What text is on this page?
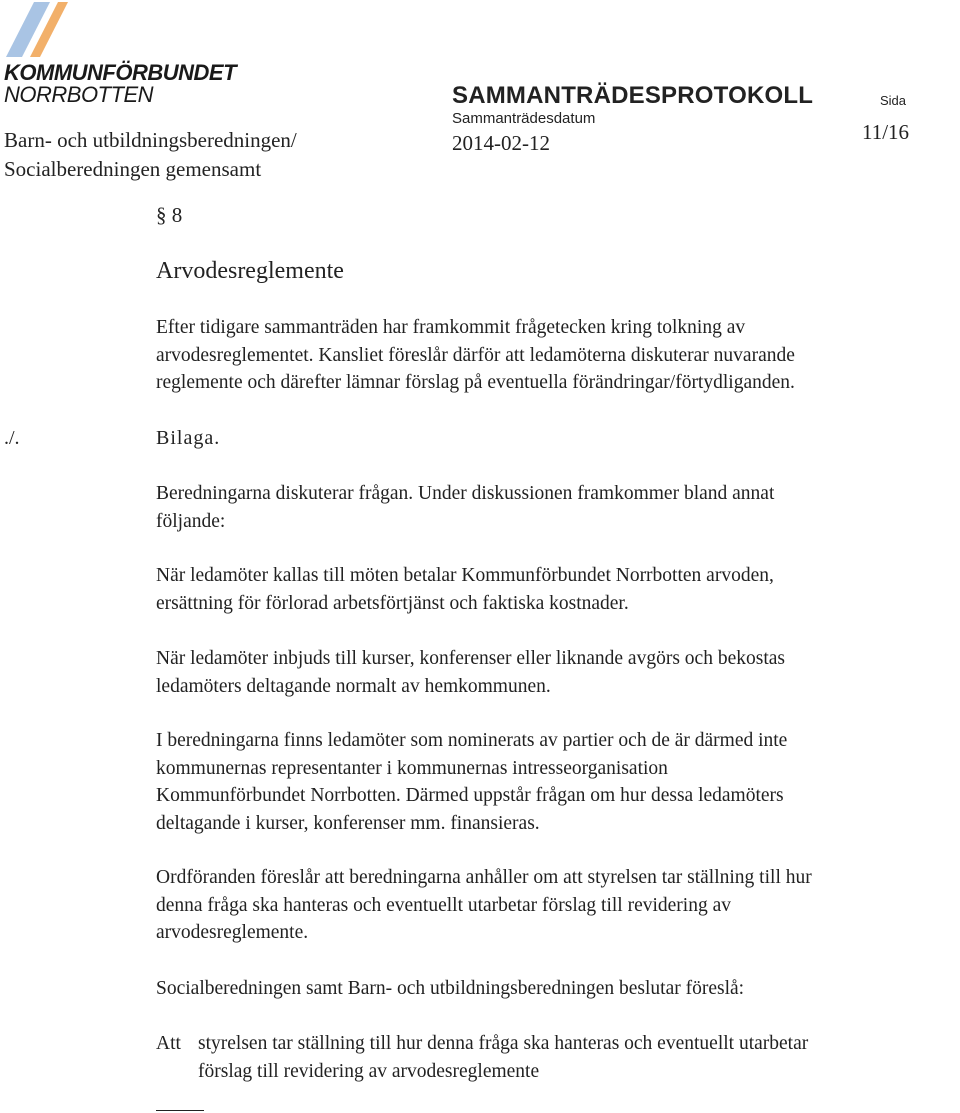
KOMMUNFÖRBUNDET
NORRBOTTEN
Barn- och utbildningsberedningen/
Socialberedningen gemensamt
SAMMANTRÄDESPROTOKOLL
Sammanträdesdatum
2014-02-12
Sida
11/16
§ 8
Arvodesreglemente
Efter tidigare sammanträden har framkommit frågetecken kring tolkning av
arvodesreglementet. Kansliet föreslår därför att ledamöterna diskuterar nuvarande
reglemente och därefter lämnar förslag på eventuella förändringar/förtydliganden.
./.	Bilaga.
Beredningarna diskuterar frågan. Under diskussionen framkommer bland annat
följande:
När ledamöter kallas till möten betalar Kommunförbundet Norrbotten arvoden,
ersättning för förlorad arbetsförtjänst och faktiska kostnader.
När ledamöter inbjuds till kurser, konferenser eller liknande avgörs och bekostas
ledamöters deltagande normalt av hemkommunen.
I beredningarna finns ledamöter som nominerats av partier och de är därmed inte
kommunernas representanter i kommunernas intresseorganisation
Kommunförbundet Norrbotten. Därmed uppstår frågan om hur dessa ledamöters
deltagande i kurser, konferenser mm. finansieras.
Ordföranden föreslår att beredningarna anhåller om att styrelsen tar ställning till hur
denna fråga ska hanteras och eventuellt utarbetar förslag till revidering av
arvodesreglemente.
Socialberedningen samt Barn- och utbildningsberedningen beslutar föreslå:
Att styrelsen tar ställning till hur denna fråga ska hanteras och eventuellt utarbetar
förslag till revidering av arvodesreglemente
